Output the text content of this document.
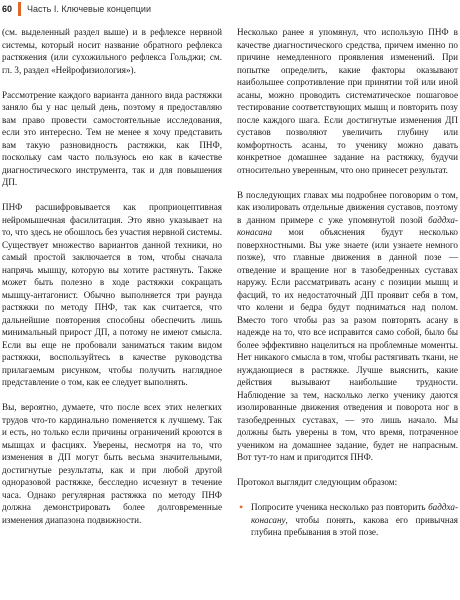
60 Часть I. Ключевые концепции

(см. выделенный раздел выше) и в рефлексе нервной системы, который носит название обратного рефлекса растяжения (или сухожильного рефлекса Гольджи; см. гл. 3, раздел «Нейрофизиология»).

Рассмотрение каждого варианта данного вида растяжки заняло бы у нас целый день, поэтому я предоставляю вам право провести самостоятельные исследования, если это интересно. Тем не менее я хочу представить вам такую разновидность растяжки, как ПНФ, поскольку сам часто пользуюсь ею как в качестве диагностического инструмента, так и для повышения ДП.

ПНФ расшифровывается как проприоцептивная нейромышечная фасилитация. Это явно указывает на то, что здесь не обошлось без участия нервной системы. Существует множество вариантов данной техники, но самый простой заключается в том, чтобы сначала напрячь мышцу, которую вы хотите растянуть. Также может быть полезно в ходе растяжки сокращать мышцу-антагонист. Обычно выполняется три раунда растяжки по методу ПНФ, так как считается, что дальнейшие повторения способны обеспечить лишь минимальный прирост ДП, а потому не имеют смысла. Если вы еще не пробовали заниматься таким видом растяжки, воспользуйтесь в качестве руководства прилагаемым рисунком, чтобы получить наглядное представление о том, как ее следует выполнять.

Вы, вероятно, думаете, что после всех этих нелегких трудов что-то кардинально поменяется к лучшему. Так и есть, но только если причины ограничений кроются в мышцах и фасциях. Уверены, несмотря на то, что изменения в ДП могут быть весьма значительными, достигнутые результаты, как и при любой другой одноразовой растяжке, бесследно исчезнут в течение часа. Однако регулярная растяжка по методу ПНФ должна демонстрировать более долговременные изменения диапазона подвижности.

Несколько ранее я упомянул, что использую ПНФ в качестве диагностического средства, причем именно по причине немедленного проявления изменений. При попытке определить, какие факторы оказывают наибольшее сопротивление при принятии той или иной асаны, можно проводить систематическое пошаговое тестирование соответствующих мышц и повторить позу после каждого шага. Если достигнутые изменения ДП суставов позволяют увеличить глубину или комфортность асаны, то ученику можно давать конкретное домашнее задание на растяжку, будучи относительно уверенным, что оно принесет результат.

В последующих главах мы подробнее поговорим о том, как изолировать отдельные движения суставов, поэтому в данном примере с уже упомянутой позой баддха-конасана мои объяснения будут несколько поверхностными. Вы уже знаете (или узнаете немного позже), что главные движения в данной позе — отведение и вращение ног в тазобедренных суставах наружу. Если рассматривать асану с позиции мышц и фасций, то их недостаточный ДП проявит себя в том, что колени и бедра будут подниматься над полом. Вместо того чтобы раз за разом повторять асану в надежде на то, что все исправится само собой, было бы более эффективно нацелиться на проблемные моменты. Нет никакого смысла в том, чтобы растягивать ткани, не нуждающиеся в растяжке. Лучше выяснить, какие действия вызывают наибольшие трудности. Наблюдение за тем, насколько легко ученику даются изолированные движения отведения и поворота ног в тазобедренных суставах, — это лишь начало. Мы должны быть уверены в том, что время, потраченное учеником на домашнее задание, будет не напрасным. Вот тут-то нам и пригодится ПНФ.

Протокол выглядит следующим образом:

• Попросите ученика несколько раз повторить баддха-конасану, чтобы понять, какова его привычная глубина пребывания в этой позе.
